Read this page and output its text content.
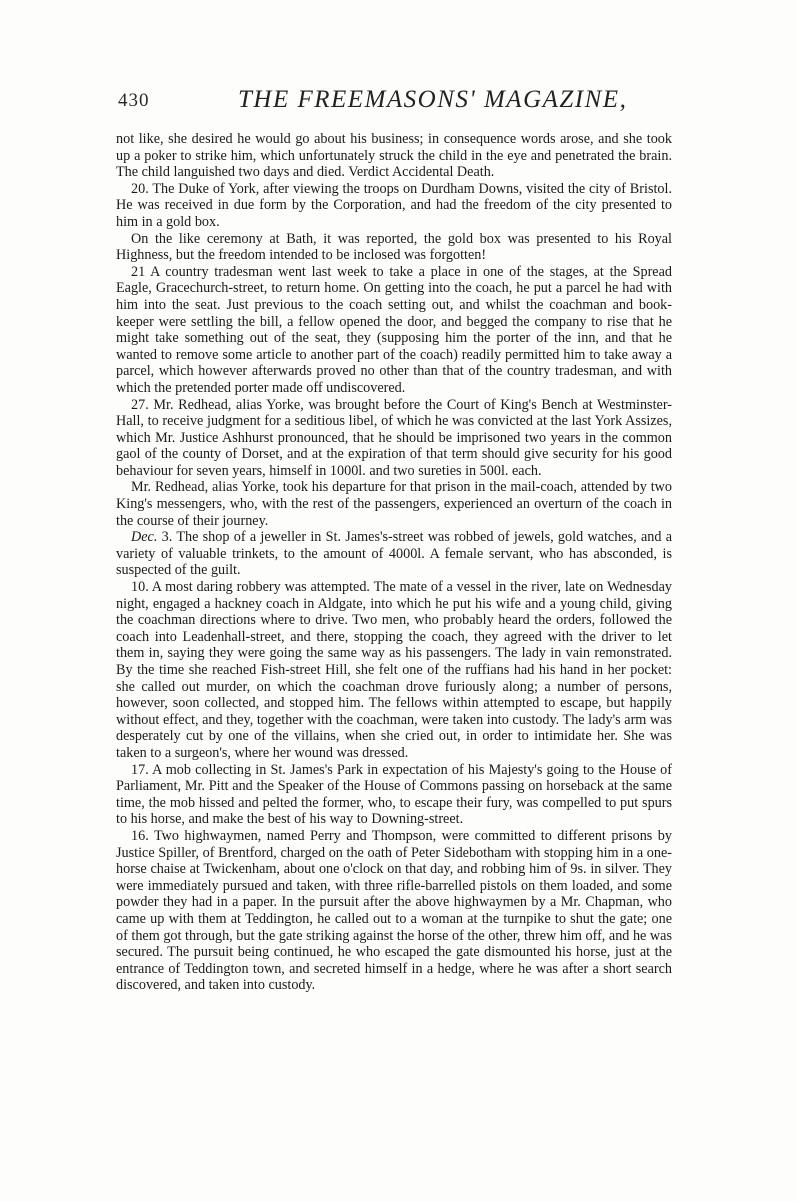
430	THE FREEMASONS' MAGAZINE,

not like, she desired he would go about his business; in consequence words arose, and she took up a poker to strike him, which unfortunately struck the child in the eye and penetrated the brain. The child languished two days and died. Verdict Accidental Death.

20. The Duke of York, after viewing the troops on Durdham Downs, visited the city of Bristol. He was received in due form by the Corporation, and had the freedom of the city presented to him in a gold box.

On the like ceremony at Bath, it was reported, the gold box was presented to his Royal Highness, but the freedom intended to be inclosed was forgotten!

21 A country tradesman went last week to take a place in one of the stages, at the Spread Eagle, Gracechurch-street, to return home. On getting into the coach, he put a parcel he had with him into the seat. Just previous to the coach setting out, and whilst the coachman and book-keeper were settling the bill, a fellow opened the door, and begged the company to rise that he might take something out of the seat, they (supposing him the porter of the inn, and that he wanted to remove some article to another part of the coach) readily permitted him to take away a parcel, which however afterwards proved no other than that of the country tradesman, and with which the pretended porter made off undiscovered.

27. Mr. Redhead, alias Yorke, was brought before the Court of King's Bench at Westminster-Hall, to receive judgment for a seditious libel, of which he was convicted at the last York Assizes, which Mr. Justice Ashhurst pronounced, that he should be imprisoned two years in the common gaol of the county of Dorset, and at the expiration of that term should give security for his good behaviour for seven years, himself in 1000l. and two sureties in 500l. each.

Mr. Redhead, alias Yorke, took his departure for that prison in the mail-coach, attended by two King's messengers, who, with the rest of the passengers, experienced an overturn of the coach in the course of their journey.

Dec. 3. The shop of a jeweller in St. James's-street was robbed of jewels, gold watches, and a variety of valuable trinkets, to the amount of 4000l. A female servant, who has absconded, is suspected of the guilt.

10. A most daring robbery was attempted. The mate of a vessel in the river, late on Wednesday night, engaged a hackney coach in Aldgate, into which he put his wife and a young child, giving the coachman directions where to drive. Two men, who probably heard the orders, followed the coach into Leadenhall-street, and there, stopping the coach, they agreed with the driver to let them in, saying they were going the same way as his passengers. The lady in vain remonstrated. By the time she reached Fish-street Hill, she felt one of the ruffians had his hand in her pocket: she called out murder, on which the coachman drove furiously along; a number of persons, however, soon collected, and stopped him. The fellows within attempted to escape, but happily without effect, and they, together with the coachman, were taken into custody. The lady's arm was desperately cut by one of the villains, when she cried out, in order to intimidate her. She was taken to a surgeon's, where her wound was dressed.

17. A mob collecting in St. James's Park in expectation of his Majesty's going to the House of Parliament, Mr. Pitt and the Speaker of the House of Commons passing on horseback at the same time, the mob hissed and pelted the former, who, to escape their fury, was compelled to put spurs to his horse, and make the best of his way to Downing-street.

16. Two highwaymen, named Perry and Thompson, were committed to different prisons by Justice Spiller, of Brentford, charged on the oath of Peter Sidebotham with stopping him in a one-horse chaise at Twickenham, about one o'clock on that day, and robbing him of 9s. in silver. They were immediately pursued and taken, with three rifle-barrelled pistols on them loaded, and some powder they had in a paper. In the pursuit after the above highwaymen by a Mr. Chapman, who came up with them at Teddington, he called out to a woman at the turnpike to shut the gate; one of them got through, but the gate striking against the horse of the other, threw him off, and he was secured. The pursuit being continued, he who escaped the gate dismounted his horse, just at the entrance of Teddington town, and secreted himself in a hedge, where he was after a short search discovered, and taken into custody.
